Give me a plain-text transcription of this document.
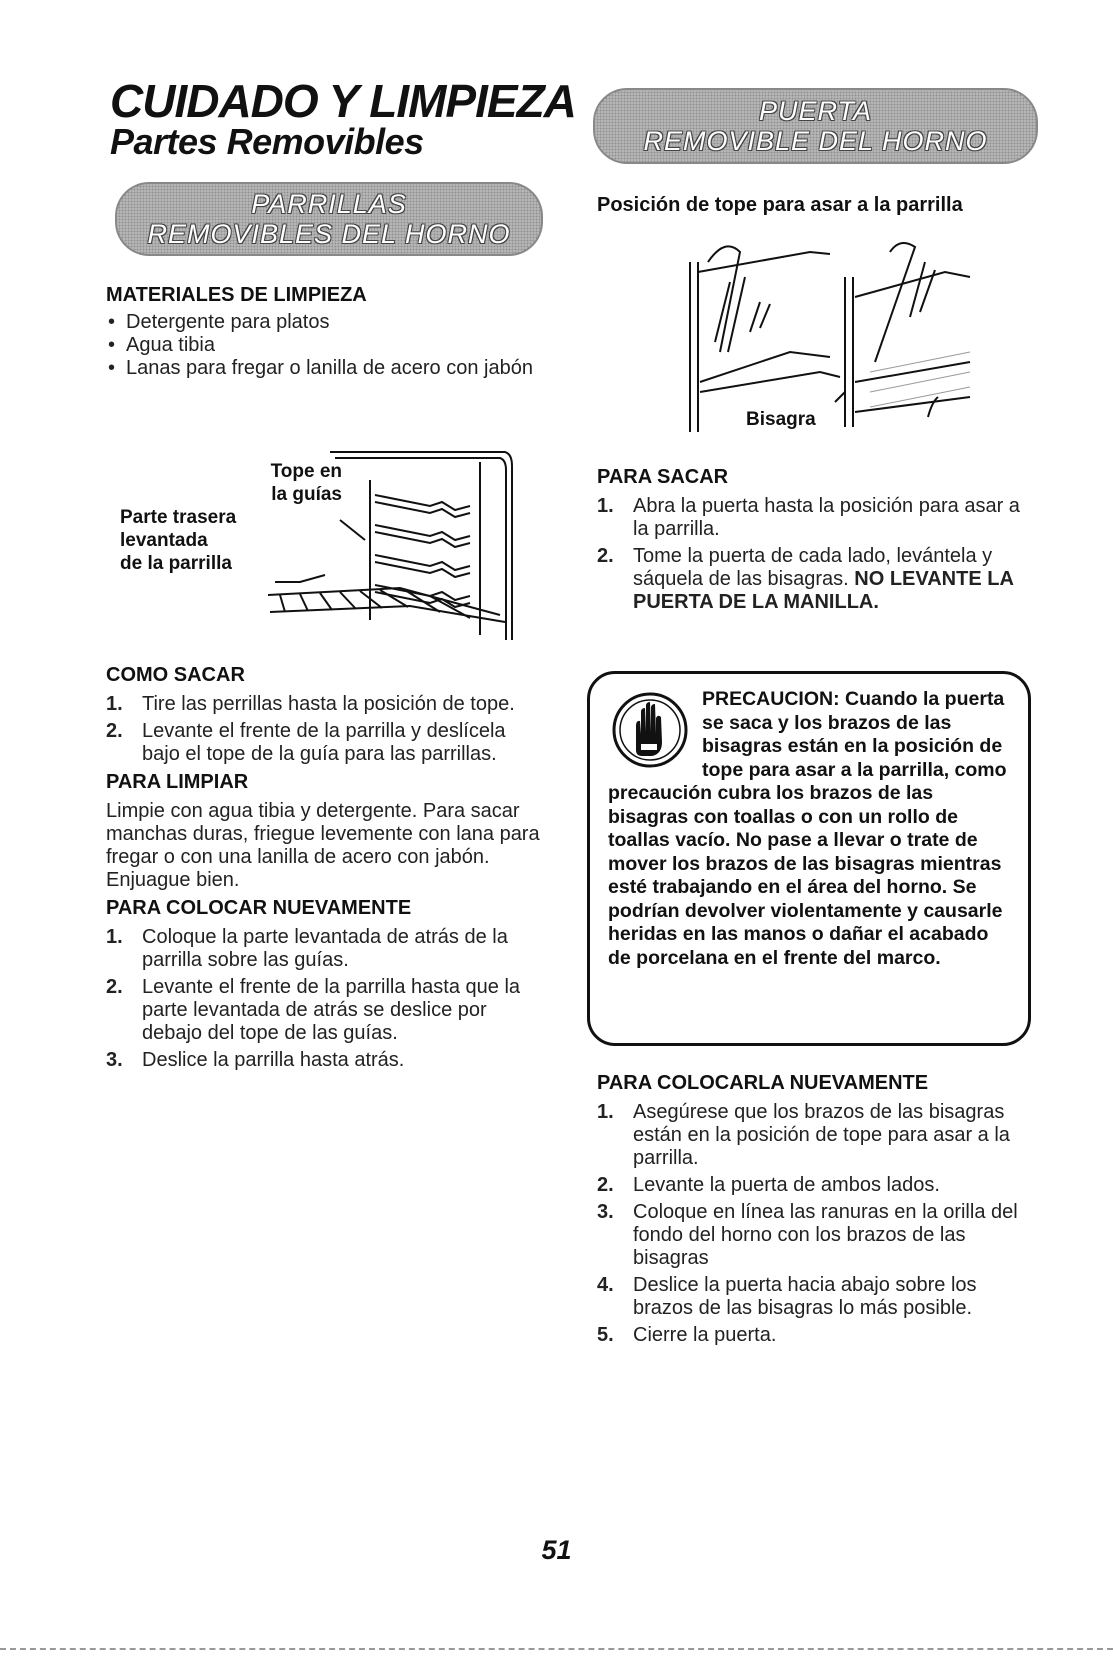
CUIDADO Y LIMPIEZA
Partes Removibles
PUERTA
REMOVIBLE DEL HORNO
PARRILLAS
REMOVIBLES DEL HORNO
MATERIALES DE LIMPIEZA
• Detergente para platos
• Agua tibia
• Lanas para fregar o lanilla de acero con jabón
Tope en
la guías
Parte trasera
levantada
de la parrilla
COMO SACAR
1. Tire las perrillas hasta la posición de tope.
2. Levante el frente de la parrilla y deslícela bajo el tope de la guía para las parrillas.
PARA LIMPIAR

Limpie con agua tibia y detergente. Para sacar manchas duras, friegue levemente con lana para fregar o con una lanilla de acero con jabón. Enjuague bien.

PARA COLOCAR NUEVAMENTE
1. Coloque la parte levantada de atrás de la parrilla sobre las guías.
2. Levante el frente de la parrilla hasta que la parte levantada de atrás se deslice por debajo del tope de las guías.
3. Deslice la parrilla hasta atrás.
Posición de tope para asar a la parrilla
Bisagra
PARA SACAR
1. Abra la puerta hasta la posición para asar a la parrilla.
2. Tome la puerta de cada lado, levántela y sáquela de las bisagras. NO LEVANTE LA PUERTA DE LA MANILLA.

PRECAUCION: Cuando la puerta se saca y los brazos de las bisagras están en la posición de tope para asar a la parrilla, como precaución cubra los brazos de las bisagras con toallas o con un rollo de toallas vacío. No pase a llevar o trate de mover los brazos de las bisagras mientras esté trabajando en el área del horno. Se podrían devolver violentamente y causarle heridas en las manos o dañar el acabado de porcelana en el frente del marco.

PARA COLOCARLA NUEVAMENTE
1. Asegúrese que los brazos de las bisagras están en la posición de tope para asar a la parrilla.
2. Levante la puerta de ambos lados.
3. Coloque en línea las ranuras en la orilla del fondo del horno con los brazos de las bisagras
4. Deslice la puerta hacia abajo sobre los brazos de las bisagras lo más posible.
5. Cierre la puerta.
51
